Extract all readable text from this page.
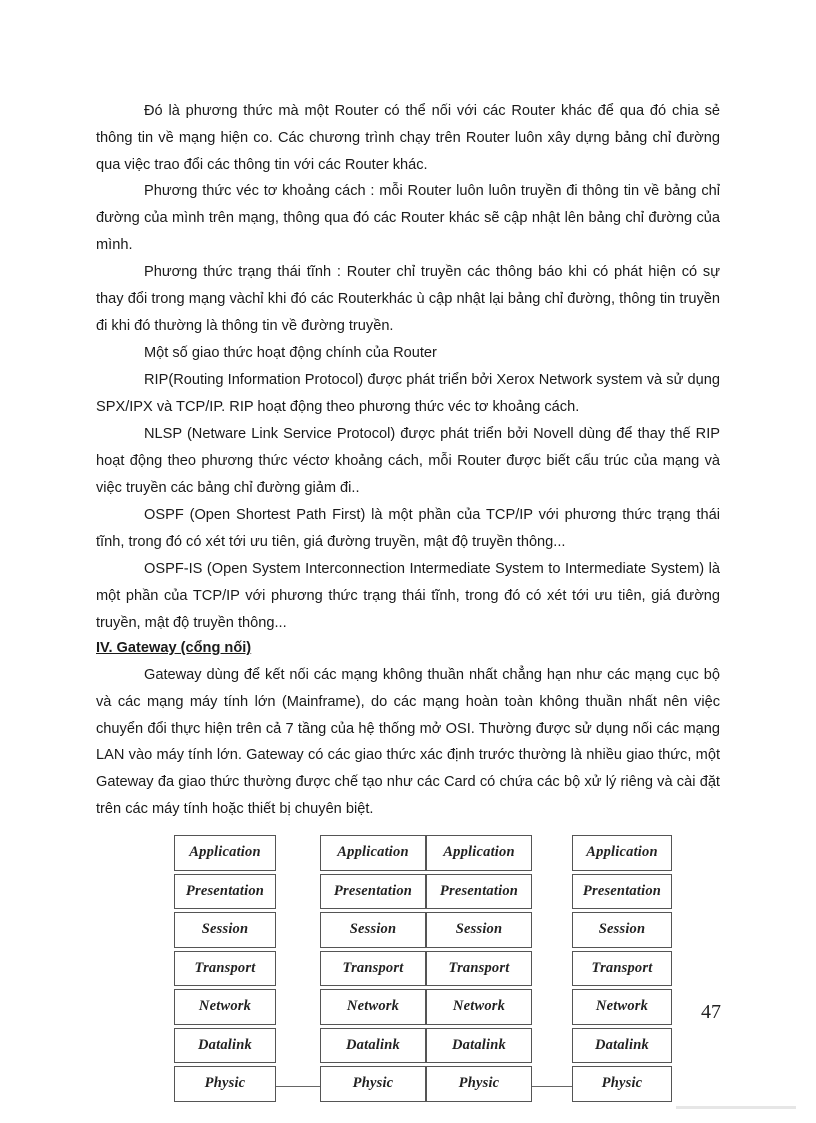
Đó là phương thức mà một Router có thể nối với các Router khác để qua đó chia sẻ thông tin về mạng hiện co. Các chương trình chạy trên Router luôn xây dựng bảng chỉ đường qua việc trao đổi các thông tin với các Router khác.

Phương thức véc tơ khoảng cách : mỗi Router luôn luôn truyền đi thông tin về bảng chỉ đường của mình trên mạng, thông qua đó các Router khác sẽ cập nhật lên bảng chỉ đường của mình.

Phương thức trạng thái tĩnh : Router chỉ truyền các thông báo khi có phát hiện có sự thay đổi trong mạng vàchỉ khi đó các Routerkhác ù cập nhật lại bảng chỉ đường, thông tin truyền đi khi đó thường là thông tin về đường truyền.

Một số giao thức hoạt động chính của Router

RIP(Routing Information Protocol) được phát triển bởi Xerox Network system và sử dụng SPX/IPX và TCP/IP. RIP hoạt động theo phương thức véc tơ khoảng cách.

NLSP (Netware Link Service Protocol) được phát triển bởi Novell dùng để thay thế RIP hoạt động theo phương thức véctơ khoảng cách, mỗi Router được biết cấu trúc của mạng và việc truyền các bảng chỉ đường giảm đi..

OSPF (Open Shortest Path First) là một phần của TCP/IP với phương thức trạng thái tĩnh, trong đó có xét tới ưu tiên, giá đường truyền, mật độ truyền thông...

OSPF-IS (Open System Interconnection Intermediate System to Intermediate System) là một phần của TCP/IP với phương thức trạng thái tĩnh, trong đó có xét tới ưu tiên, giá đường truyền, mật độ truyền thông...

IV. Gateway (cổng nối)

Gateway dùng để kết nối các mạng không thuần nhất chẳng hạn như các mạng cục bộ và các mạng máy tính lớn (Mainframe), do các mạng hoàn toàn không thuần nhất nên việc chuyển đổi thực hiện trên cả 7 tầng của hệ thống mở OSI. Thường được sử dụng nối các mạng LAN vào máy tính lớn. Gateway có các giao thức xác định trước thường là nhiều giao thức, một Gateway đa giao thức thường được chế tạo như các Card có chứa các bộ xử lý riêng và cài đặt trên các máy tính hoặc thiết bị chuyên biệt.

Application
Presentation
Session
Transport
Network
Datalink
Physic
Application
Presentation
Session
Transport
Network
Datalink
Physic
Application
Presentation
Session
Transport
Network
Datalink
Physic
Application
Presentation
Session
Transport
Network
Datalink
Physic
47
